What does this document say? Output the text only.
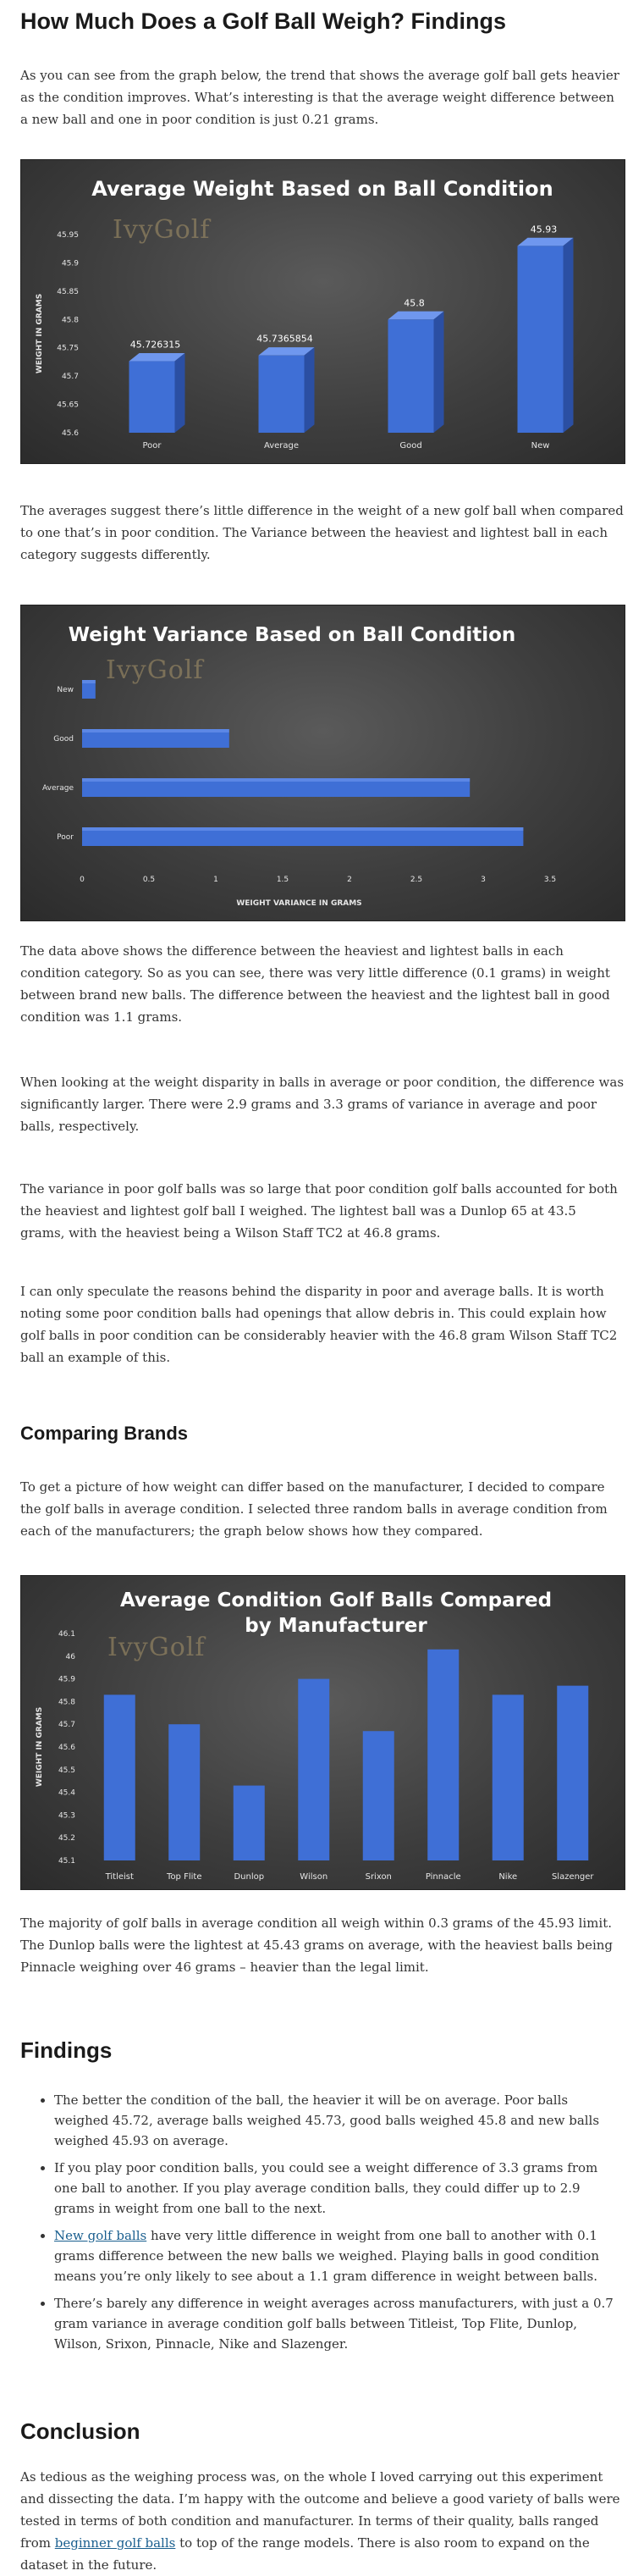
How Much Does a Golf Ball Weigh? Findings

As you can see from the graph below, the trend that shows the average golf ball gets heavier as the condition improves. What’s interesting is that the average weight difference between a new ball and one in poor condition is just 0.21 grams.

Average Weight Based on Ball Condition
IvyGolf
WEIGHT IN GRAMS
45.6
45.65
45.7
45.75
45.8
45.85
45.9
45.95
Poor
45.726315
Average
45.7365854
Good
45.8
New
45.93

The averages suggest there’s little difference in the weight of a new golf ball when compared to one that’s in poor condition. The Variance between the heaviest and lightest ball in each category suggests differently.

Weight Variance Based on Ball Condition
IvyGolf
0	0.5	1	1.5	2	2.5	3	3.5
WEIGHT VARIANCE IN GRAMS
Poor
Average
Good
New

The data above shows the difference between the heaviest and lightest balls in each condition category. So as you can see, there was very little difference (0.1 grams) in weight between brand new balls. The difference between the heaviest and the lightest ball in good condition was 1.1 grams.

When looking at the weight disparity in balls in average or poor condition, the difference was significantly larger. There were 2.9 grams and 3.3 grams of variance in average and poor balls, respectively.

The variance in poor golf balls was so large that poor condition golf balls accounted for both the heaviest and lightest golf ball I weighed. The lightest ball was a Dunlop 65 at 43.5 grams, with the heaviest being a Wilson Staff TC2 at 46.8 grams.

I can only speculate the reasons behind the disparity in poor and average balls. It is worth noting some poor condition balls had openings that allow debris in. This could explain how golf balls in poor condition can be considerably heavier with the 46.8 gram Wilson Staff TC2 ball an example of this.

Comparing Brands

To get a picture of how weight can differ based on the manufacturer, I decided to compare the golf balls in average condition. I selected three random balls in average condition from each of the manufacturers; the graph below shows how they compared.

Average Condition Golf Balls Compared
by Manufacturer
IvyGolf
WEIGHT IN GRAMS
45.1
45.2
45.3
45.4
45.5
45.6
45.7
45.8
45.9
46
46.1
Titleist	Top Flite	Dunlop	Wilson	Srixon	Pinnacle	Nike	Slazenger

The majority of golf balls in average condition all weigh within 0.3 grams of the 45.93 limit. The Dunlop balls were the lightest at 45.43 grams on average, with the heaviest balls being Pinnacle weighing over 46 grams – heavier than the legal limit.

Findings
• The better the condition of the ball, the heavier it will be on average. Poor balls weighed 45.72, average balls weighed 45.73, good balls weighed 45.8 and new balls weighed 45.93 on average.
• If you play poor condition balls, you could see a weight difference of 3.3 grams from one ball to another. If you play average condition balls, they could differ up to 2.9 grams in weight from one ball to the next.
• New golf balls have very little difference in weight from one ball to another with 0.1 grams difference between the new balls we weighed. Playing balls in good condition means you’re only likely to see about a 1.1 gram difference in weight between balls.
• There’s barely any difference in weight averages across manufacturers, with just a 0.7 gram variance in average condition golf balls between Titleist, Top Flite, Dunlop, Wilson, Srixon, Pinnacle, Nike and Slazenger.
Conclusion

As tedious as the weighing process was, on the whole I loved carrying out this experiment and dissecting the data. I’m happy with the outcome and believe a good variety of balls were tested in terms of both condition and manufacturer. In terms of their quality, balls ranged from beginner golf balls to top of the range models. There is also room to expand on the dataset in the future.
